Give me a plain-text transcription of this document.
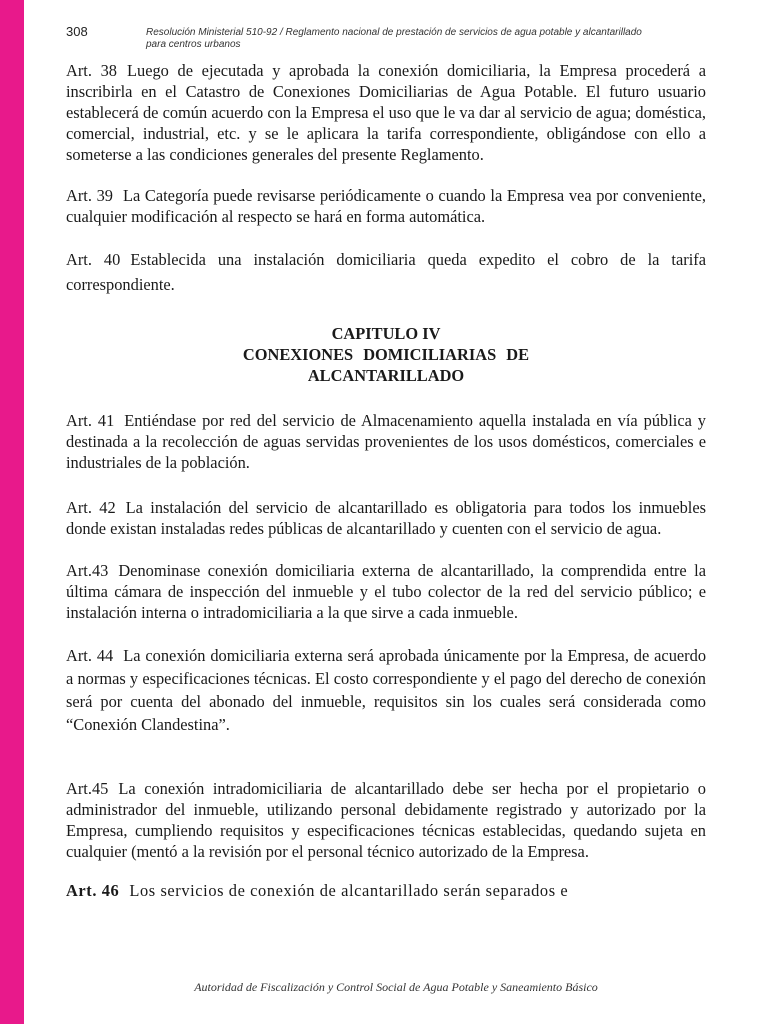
308	Resolución Ministerial 510-92 / Reglamento nacional de prestación de servicios de agua potable y alcantarillado
para centros urbanos

Art. 38 Luego de ejecutada y aprobada la conexión domiciliaria, la Empresa procederá a inscribirla en el Catastro de Conexiones Domiciliarias de Agua Potable. El futuro usuario establecerá de común acuerdo con la Empresa el uso que le va dar al servicio de agua; doméstica, comercial, industrial, etc. y se le aplicara la tarifa correspondiente, obligándose con ello a someterse a las condiciones generales del presente Reglamento.

Art. 39 La Categoría puede revisarse periódicamente o cuando la Empresa vea por conveniente, cualquier modificación al respecto se hará en forma automática.

Art. 40 Establecida una instalación domiciliaria queda expedito el cobro de la tarifa correspondiente.

CAPITULO IV

CONEXIONES DOMICILIARIAS DE

ALCANTARILLADO

Art. 41 Entiéndase por red del servicio de Almacenamiento aquella instalada en vía pública y destinada a la recolección de aguas servidas provenientes de los usos domésticos, comerciales e industriales de la población.

Art. 42 La instalación del servicio de alcantarillado es obligatoria para todos los inmuebles donde existan instaladas redes públicas de alcantarillado y cuenten con el servicio de agua.

Art.43 Denominase conexión domiciliaria externa de alcantarillado, la comprendida entre la última cámara de inspección del inmueble y el tubo colector de la red del servicio público; e instalación interna o intradomiciliaria a la que sirve a cada inmueble.

Art. 44 La conexión domiciliaria externa será aprobada únicamente por la Empresa, de acuerdo a normas y especificaciones técnicas. El costo correspondiente y el pago del derecho de conexión será por cuenta del abonado del inmueble, requisitos sin los cuales será considerada como “Conexión Clandestina”.

Art.45 La conexión intradomiciliaria de alcantarillado debe ser hecha por el propietario o administrador del inmueble, utilizando personal debidamente registrado y autorizado por la Empresa, cumpliendo requisitos y especificaciones técnicas establecidas, quedando sujeta en cualquier (mentó a la revisión por el personal técnico autorizado de la Empresa.

Art. 46 Los servicios de conexión de alcantarillado serán separados e

Autoridad de Fiscalización y Control Social de Agua Potable y Saneamiento Básico
